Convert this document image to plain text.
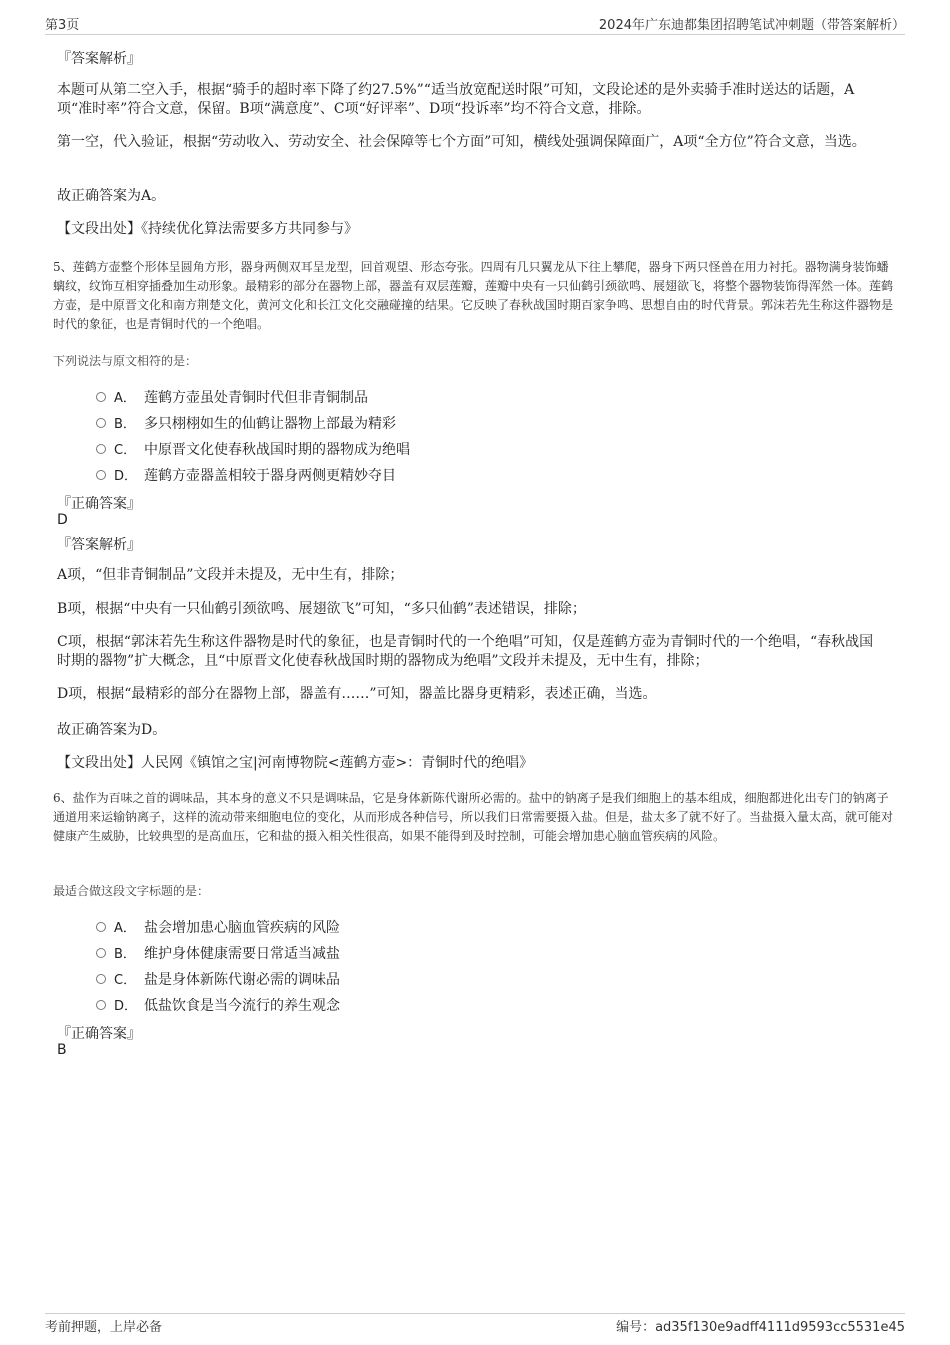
第3页	2024年广东迪都集团招聘笔试冲刺题（带答案解析）
『答案解析』
本题可从第二空入手，根据“骑手的超时率下降了约27.5%”“适当放宽配送时限”可知，文段论述的是外卖骑手准时送达的话题，A项“准时率”符合文意，保留。B项“满意度”、C项“好评率”、D项“投诉率”均不符合文意，排除。
第一空，代入验证，根据“劳动收入、劳动安全、社会保障等七个方面”可知，横线处强调保障面广，A项“全方位”符合文意，当选。
故正确答案为A。
【文段出处】《持续优化算法需要多方共同参与》
5、莲鹤方壶整个形体呈圆角方形，器身两侧双耳呈龙型，回首观望、形态夸张。四周有几只翼龙从下往上攀爬，器身下两只怪兽在用力衬托。器物满身装饰蟠螭纹，纹饰互相穿插叠加生动形象。最精彩的部分在器物上部，器盖有双层莲瓣，莲瓣中央有一只仙鹤引颈欲鸣、展翅欲飞，将整个器物装饰得浑然一体。莲鹤方壶，是中原晋文化和南方荆楚文化，黄河文化和长江文化交融碰撞的结果。它反映了春秋战国时期百家争鸣、思想自由的时代背景。郭沫若先生称这件器物是时代的象征，也是青铜时代的一个绝唱。
下列说法与原文相符的是：
A． 莲鹤方壶虽处青铜时代但非青铜制品
B． 多只栩栩如生的仙鹤让器物上部最为精彩
C． 中原晋文化使春秋战国时期的器物成为绝唱
D． 莲鹤方壶器盖相较于器身两侧更精妙夺目
『正确答案』
D
『答案解析』
A项，“但非青铜制品”文段并未提及，无中生有，排除；
B项，根据“中央有一只仙鹤引颈欲鸣、展翅欲飞”可知，“多只仙鹤”表述错误，排除；
C项，根据“郭沫若先生称这件器物是时代的象征，也是青铜时代的一个绝唱”可知，仅是莲鹤方壶为青铜时代的一个绝唱，“春秋战国时期的器物”扩大概念，且“中原晋文化使春秋战国时期的器物成为绝唱”文段并未提及，无中生有，排除；
D项，根据“最精彩的部分在器物上部，器盖有……”可知，器盖比器身更精彩，表述正确，当选。
故正确答案为D。
【文段出处】人民网《镇馆之宝|河南博物院<莲鹤方壶>：青铜时代的绝唱》
6、盐作为百味之首的调味品，其本身的意义不只是调味品，它是身体新陈代谢所必需的。盐中的钠离子是我们细胞上的基本组成，细胞都进化出专门的钠离子通道用来运输钠离子，这样的流动带来细胞电位的变化，从而形成各种信号，所以我们日常需要摄入盐。但是，盐太多了就不好了。当盐摄入量太高，就可能对健康产生威胁，比较典型的是高血压，它和盐的摄入相关性很高，如果不能得到及时控制，可能会增加患心脑血管疾病的风险。
最适合做这段文字标题的是：
A． 盐会增加患心脑血管疾病的风险
B． 维护身体健康需要日常适当减盐
C． 盐是身体新陈代谢必需的调味品
D． 低盐饮食是当今流行的养生观念
『正确答案』
B
考前押题，上岸必备	编号：ad35f130e9adff4111d9593cc5531e45
